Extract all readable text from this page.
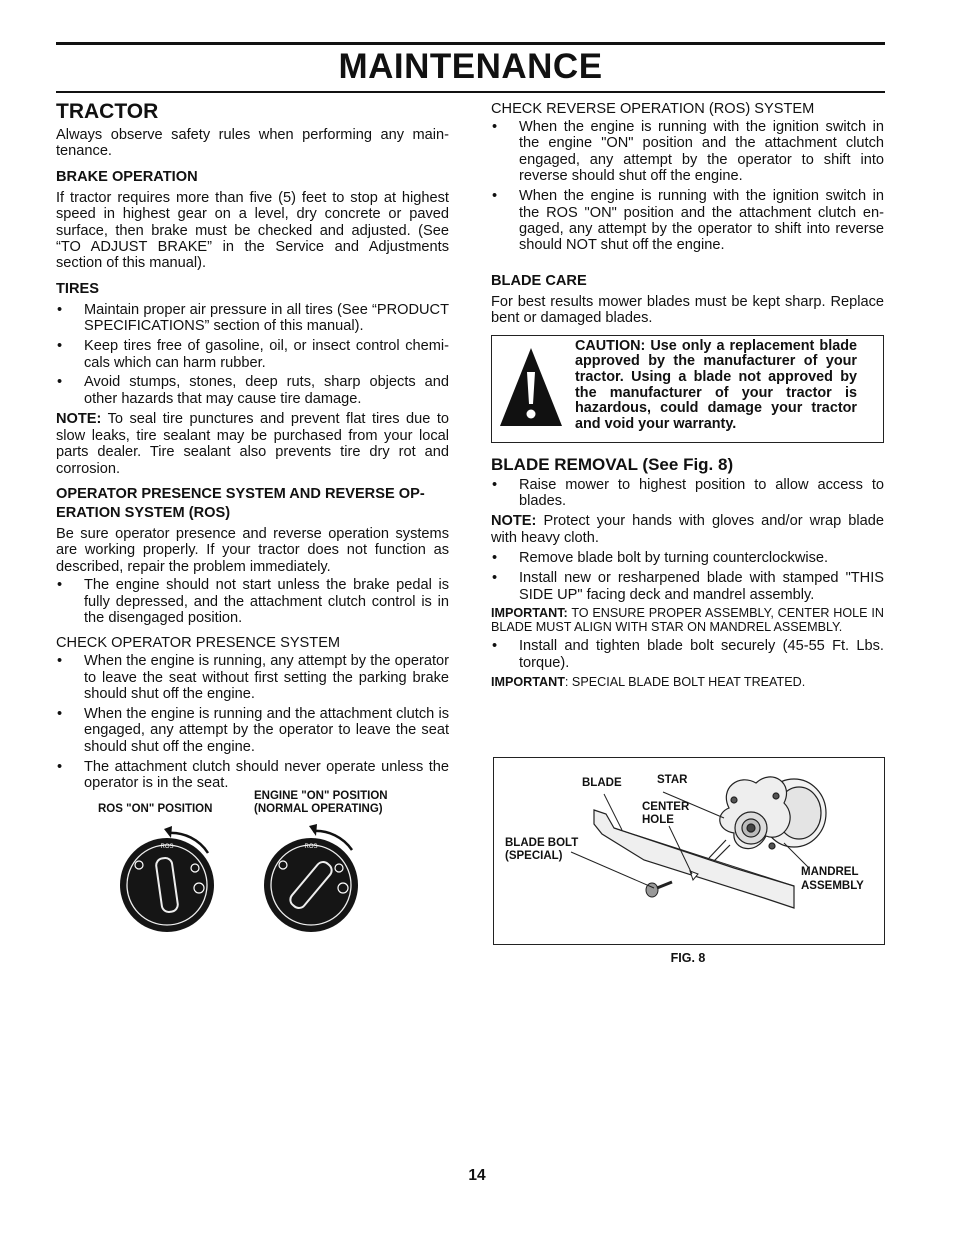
MAINTENANCE
TRACTOR

Always observe safety rules when performing any main-tenance.

BRAKE OPERATION

If tractor requires more than five (5) feet to stop at highest speed in highest gear on a level, dry concrete or paved surface, then brake must be checked and adjusted. (See “TO ADJUST BRAKE” in the Service and Adjustments section of this manual).

TIRES
• Maintain proper air pressure in all tires (See “PRODUCT SPECIFICATIONS” section of this manual).
• Keep tires free of gasoline, oil, or insect control chemi-cals which can harm rubber.
• Avoid stumps, stones, deep ruts, sharp objects and other hazards that may cause tire damage.

NOTE: To seal tire punctures and prevent flat tires due to slow leaks, tire sealant may be purchased from your local parts dealer. Tire sealant also prevents tire dry rot and corrosion.

OPERATOR PRESENCE SYSTEM AND REVERSE OP-ERATION SYSTEM (ROS)

Be sure operator presence and reverse operation systems are working properly. If your tractor does not function as described, repair the problem immediately.

• The engine should not start unless the brake pedal is fully depressed, and the attachment clutch control is in the disengaged position.
CHECK OPERATOR PRESENCE SYSTEM
• When the engine is running, any attempt by the operator to leave the seat without first setting the parking brake should shut off the engine.
• When the engine is running and the attachment clutch is engaged, any attempt by the operator to leave the seat should shut off the engine.
• The attachment clutch should never operate unless the operator is in the seat.
ROS "ON" POSITION
ENGINE "ON" POSITION
(NORMAL OPERATING)
ROS	ROS
CHECK REVERSE OPERATION (ROS) SYSTEM
• When the engine is running with the ignition switch in the engine "ON" position and the attachment clutch engaged, any attempt by the operator to shift into reverse should shut off the engine.
• When the engine is running with the ignition switch in the ROS "ON" position and the attachment clutch en-gaged, any attempt by the operator to shift into reverse should NOT shut off the engine.
BLADE CARE

For best results mower blades must be kept sharp. Replace bent or damaged blades.

CAUTION: Use only a replacement blade approved by the manufacturer of your tractor. Using a blade not approved by the manufacturer of your tractor is hazardous, could damage your tractor and void your warranty.
BLADE REMOVAL (See Fig. 8)
• Raise mower to highest position to allow access to blades.

NOTE: Protect your hands with gloves and/or wrap blade with heavy cloth.

• Remove blade bolt by turning counterclockwise.
• Install new or resharpened blade with stamped "THIS SIDE UP" facing deck and mandrel assembly.

IMPORTANT: TO ENSURE PROPER ASSEMBLY, CENTER HOLE IN BLADE MUST ALIGN WITH STAR ON MANDREL ASSEMBLY.

• Install and tighten blade bolt securely (45-55 Ft. Lbs. torque).

IMPORTANT: SPECIAL BLADE BOLT HEAT TREATED.

BLADE	STAR
CENTER
HOLE
BLADE BOLT
(SPECIAL)
MANDREL
ASSEMBLY
FIG. 8
14
